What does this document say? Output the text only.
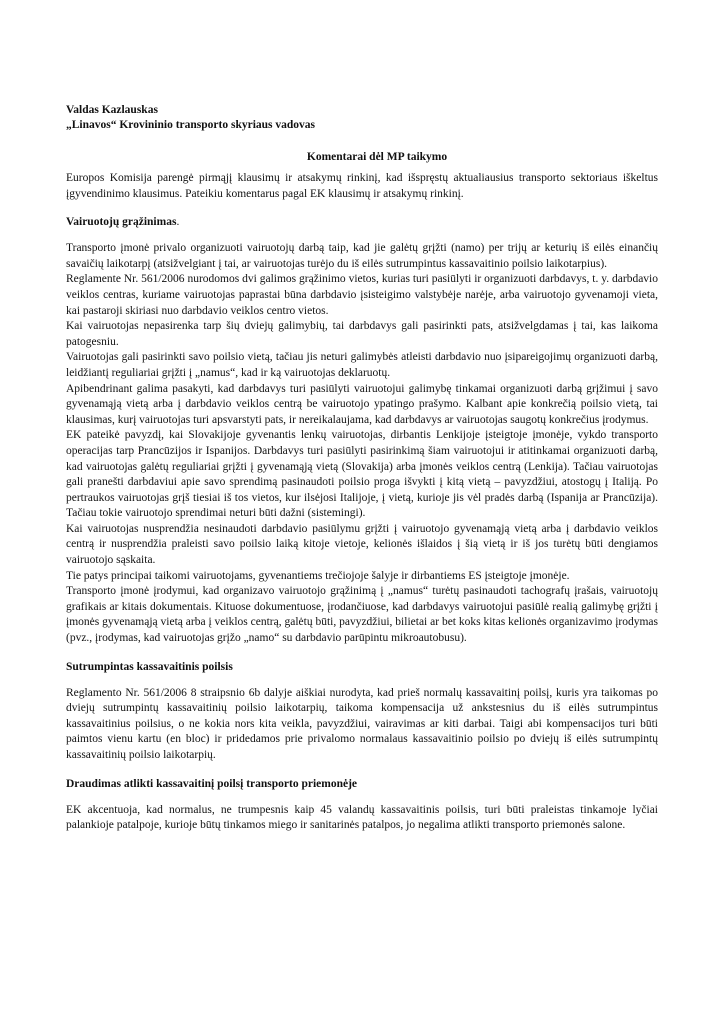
Valdas Kazlauskas
„Linavos“ Krovininio transporto skyriaus vadovas
Komentarai dėl MP taikymo

Europos Komisija parengė pirmąjį klausimų ir atsakymų rinkinį, kad išspręstų aktualiausius transporto sektoriaus iškeltus įgyvendinimo klausimus. Pateikiu komentarus pagal EK klausimų ir atsakymų rinkinį.

Vairuotojų grąžinimas.

Transporto įmonė privalo organizuoti vairuotojų darbą taip, kad jie galėtų grįžti (namo) per trijų ar keturių iš eilės einančių savaičių laikotarpį (atsižvelgiant į tai, ar vairuotojas turėjo du iš eilės sutrumpintus kassavaitinio poilsio laikotarpius).

Reglamente Nr. 561/2006 nurodomos dvi galimos grąžinimo vietos, kurias turi pasiūlyti ir organizuoti darbdavys, t. y. darbdavio veiklos centras, kuriame vairuotojas paprastai būna darbdavio įsisteigimo valstybėje narėje, arba vairuotojo gyvenamoji vieta, kai pastaroji skiriasi nuo darbdavio veiklos centro vietos.

Kai vairuotojas nepasirenka tarp šių dviejų galimybių, tai darbdavys gali pasirinkti pats, atsižvelgdamas į tai, kas laikoma patogesniu.

Vairuotojas gali pasirinkti savo poilsio vietą, tačiau jis neturi galimybės atleisti darbdavio nuo įsipareigojimų organizuoti darbą, leidžiantį reguliariai grįžti į „namus“, kad ir ką vairuotojas deklaruotų.

Apibendrinant galima pasakyti, kad darbdavys turi pasiūlyti vairuotojui galimybę tinkamai organizuoti darbą grįžimui į savo gyvenamąją vietą arba į darbdavio veiklos centrą be vairuotojo ypatingo prašymo. Kalbant apie konkrečią poilsio vietą, tai klausimas, kurį vairuotojas turi apsvarstyti pats, ir nereikalaujama, kad darbdavys ar vairuotojas saugotų konkrečius įrodymus.

EK pateikė pavyzdį, kai Slovakijoje gyvenantis lenkų vairuotojas, dirbantis Lenkijoje įsteigtoje įmonėje, vykdo transporto operacijas tarp Prancūzijos ir Ispanijos. Darbdavys turi pasiūlyti pasirinkimą šiam vairuotojui ir atitinkamai organizuoti darbą, kad vairuotojas galėtų reguliariai grįžti į gyvenamąją vietą (Slovakija) arba įmonės veiklos centrą (Lenkija). Tačiau vairuotojas gali pranešti darbdaviui apie savo sprendimą pasinaudoti poilsio proga išvykti į kitą vietą – pavyzdžiui, atostogų į Italiją. Po pertraukos vairuotojas grįš tiesiai iš tos vietos, kur ilsėjosi Italijoje, į vietą, kurioje jis vėl pradės darbą (Ispanija ar Prancūzija). Tačiau tokie vairuotojo sprendimai neturi būti dažni (sistemingi).

Kai vairuotojas nusprendžia nesinaudoti darbdavio pasiūlymu grįžti į vairuotojo gyvenamąją vietą arba į darbdavio veiklos centrą ir nusprendžia praleisti savo poilsio laiką kitoje vietoje, kelionės išlaidos į šią vietą ir iš jos turėtų būti dengiamos vairuotojo sąskaita.

Tie patys principai taikomi vairuotojams, gyvenantiems trečiojoje šalyje ir dirbantiems ES įsteigtoje įmonėje.

Transporto įmonė įrodymui, kad organizavo vairuotojo grąžinimą į „namus“ turėtų pasinaudoti tachografų įrašais, vairuotojų grafikais ar kitais dokumentais. Kituose dokumentuose, įrodančiuose, kad darbdavys vairuotojui pasiūlė realią galimybę grįžti į įmonės gyvenamąją vietą arba į veiklos centrą, galėtų būti, pavyzdžiui, bilietai ar bet koks kitas kelionės organizavimo įrodymas (pvz., įrodymas, kad vairuotojas grįžo „namo“ su darbdavio parūpintu mikroautobusu).

Sutrumpintas kassavaitinis poilsis

Reglamento Nr. 561/2006 8 straipsnio 6b dalyje aiškiai nurodyta, kad prieš normalų kassavaitinį poilsį, kuris yra taikomas po dviejų sutrumpintų kassavaitinių poilsio laikotarpių, taikoma kompensacija už ankstesnius du iš eilės sutrumpintus kassavaitinius poilsius, o ne kokia nors kita veikla, pavyzdžiui, vairavimas ar kiti darbai. Taigi abi kompensacijos turi būti paimtos vienu kartu (en bloc) ir pridedamos prie privalomo normalaus kassavaitinio poilsio po dviejų iš eilės sutrumpintų kassavaitinių poilsio laikotarpių.

Draudimas atlikti kassavaitinį poilsį transporto priemonėje

EK akcentuoja, kad normalus, ne trumpesnis kaip 45 valandų kassavaitinis poilsis, turi būti praleistas tinkamoje lyčiai palankioje patalpoje, kurioje būtų tinkamos miego ir sanitarinės patalpos, jo negalima atlikti transporto priemonės salone.
